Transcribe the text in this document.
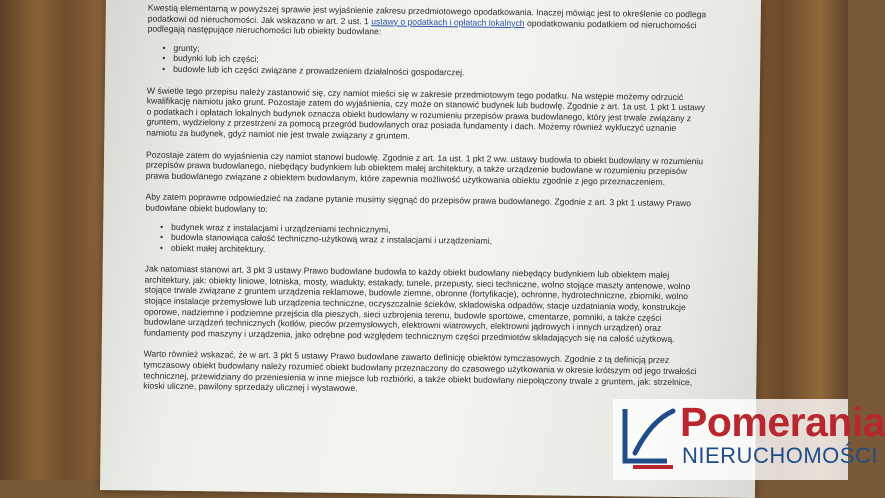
Kwestią elementarną w powyższej sprawie jest wyjaśnienie zakresu przedmiotowego opodatkowania. Inaczej mówiąc jest to określenie co podlega podatkowi od nieruchomości. Jak wskazano w art. 2 ust. 1 ustawy o podatkach i opłatach lokalnych opodatkowaniu podatkiem od nieruchomości podlegają następujące nieruchomości lub obiekty budowlane:

• grunty;
• budynki lub ich części;
• budowle lub ich części związane z prowadzeniem działalności gospodarczej.

W świetle tego przepisu należy zastanowić się, czy namiot mieści się w zakresie przedmiotowym tego podatku. Na wstępie możemy odrzucić kwalifikację namiotu jako grunt. Pozostaje zatem do wyjaśnienia, czy może on stanowić budynek lub budowlę. Zgodnie z art. 1a ust. 1 pkt 1 ustawy o podatkach i opłatach lokalnych budynek oznacza obiekt budowlany w rozumieniu przepisów prawa budowlanego, który jest trwale związany z gruntem, wydzielony z przestrzeni za pomocą przegród budowlanych oraz posiada fundamenty i dach. Możemy również wykluczyć uznanie namiotu za budynek, gdyż namiot nie jest trwale związany z gruntem.

Pozostaje zatem do wyjaśnienia czy namiot stanowi budowlę. Zgodnie z art. 1a ust. 1 pkt 2 ww. ustawy budowla to obiekt budowlany w rozumieniu przepisów prawa budowlanego, niebędący budynkiem lub obiektem małej architektury, a także urządzenie budowlane w rozumieniu przepisów prawa budowlanego związane z obiektem budowlanym, które zapewnia możliwość użytkowania obiektu zgodnie z jego przeznaczeniem.

Aby zatem poprawne odpowiedzieć na zadane pytanie musimy sięgnąć do przepisów prawa budowlanego. Zgodnie z art. 3 pkt 1 ustawy Prawo budowlane obiekt budowlany to:

• budynek wraz z instalacjami i urządzeniami technicznymi,
• budowla stanowiąca całość techniczno-użytkową wraz z instalacjami i urządzeniami,
• obiekt małej architektury.

Jak natomiast stanowi art. 3 pkt 3 ustawy Prawo budowlane budowla to każdy obiekt budowlany niebędący budynkiem lub obiektem małej architektury, jak: obiekty liniowe, lotniska, mosty, wiadukty, estakady, tunele, przepusty, sieci techniczne, wolno stojące maszty antenowe, wolno stojące trwale związane z gruntem urządzenia reklamowe, budowle ziemne, obronne (fortyfikacje), ochronne, hydrotechniczne, zbiorniki, wolno stojące instalacje przemysłowe lub urządzenia techniczne, oczyszczalnie ścieków, składowiska odpadów, stacje uzdatniania wody, konstrukcje oporowe, nadziemne i podziemne przejścia dla pieszych, sieci uzbrojenia terenu, budowle sportowe, cmentarze, pomniki, a także części budowlane urządzeń technicznych (kotłów, pieców przemysłowych, elektrowni wiatrowych, elektrowni jądrowych i innych urządzeń) oraz fundamenty pod maszyny i urządzenia, jako odrębne pod względem technicznym części przedmiotów składających się na całość użytkową.

Warto również wskazać, że w art. 3 pkt 5 ustawy Prawo budowlane zawarto definicję obiektów tymczasowych. Zgodnie z tą definicją przez tymczasowy obiekt budowlany należy rozumieć obiekt budowlany przeznaczony do czasowego użytkowania w okresie krótszym od jego trwałości technicznej, przewidziany do przeniesienia w inne miejsce lub rozbiórki, a także obiekt budowlany niepołączony trwale z gruntem, jak: strzelnice, kioski uliczne, pawilony sprzedaży ulicznej i wystawowe.

Pomerania
NIERUCHOMOŚCI
